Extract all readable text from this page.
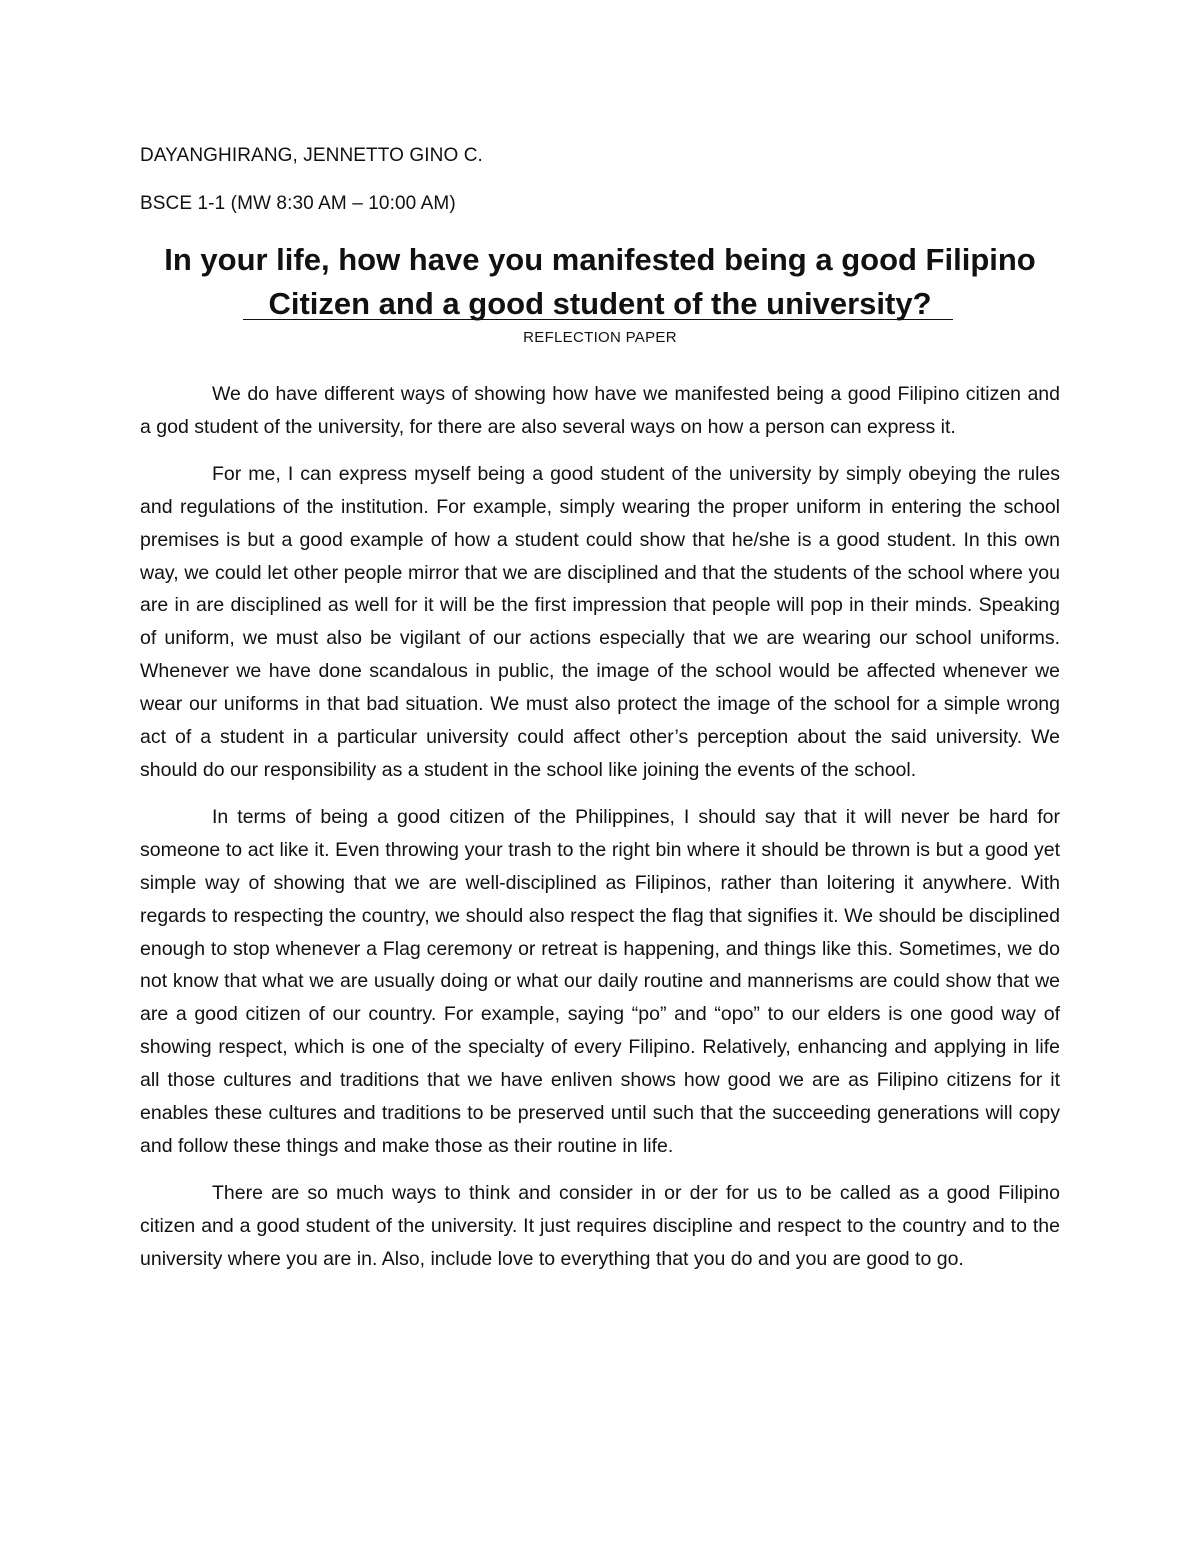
DAYANGHIRANG, JENNETTO GINO C.
BSCE 1-1 (MW 8:30 AM – 10:00 AM)
In your life, how have you manifested being a good Filipino
Citizen and a good student of the university?
REFLECTION PAPER

We do have different ways of showing how have we manifested being a good Filipino citizen and a god student of the university, for there are also several ways on how a person can express it.

For me, I can express myself being a good student of the university by simply obeying the rules and regulations of the institution. For example, simply wearing the proper uniform in entering the school premises is but a good example of how a student could show that he/she is a good student. In this own way, we could let other people mirror that we are disciplined and that the students of the school where you are in are disciplined as well for it will be the first impression that people will pop in their minds. Speaking of uniform, we must also be vigilant of our actions especially that we are wearing our school uniforms. Whenever we have done scandalous in public, the image of the school would be affected whenever we wear our uniforms in that bad situation. We must also protect the image of the school for a simple wrong act of a student in a particular university could affect other’s perception about the said university. We should do our responsibility as a student in the school like joining the events of the school.

In terms of being a good citizen of the Philippines, I should say that it will never be hard for someone to act like it. Even throwing your trash to the right bin where it should be thrown is but a good yet simple way of showing that we are well-disciplined as Filipinos, rather than loitering it anywhere. With regards to respecting the country, we should also respect the flag that signifies it. We should be disciplined enough to stop whenever a Flag ceremony or retreat is happening, and things like this. Sometimes, we do not know that what we are usually doing or what our daily routine and mannerisms are could show that we are a good citizen of our country. For example, saying “po” and “opo” to our elders is one good way of showing respect, which is one of the specialty of every Filipino. Relatively, enhancing and applying in life all those cultures and traditions that we have enliven shows how good we are as Filipino citizens for it enables these cultures and traditions to be preserved until such that the succeeding generations will copy and follow these things and make those as their routine in life.

There are so much ways to think and consider in or der for us to be called as a good Filipino citizen and a good student of the university. It just requires discipline and respect to the country and to the university where you are in. Also, include love to everything that you do and you are good to go.
